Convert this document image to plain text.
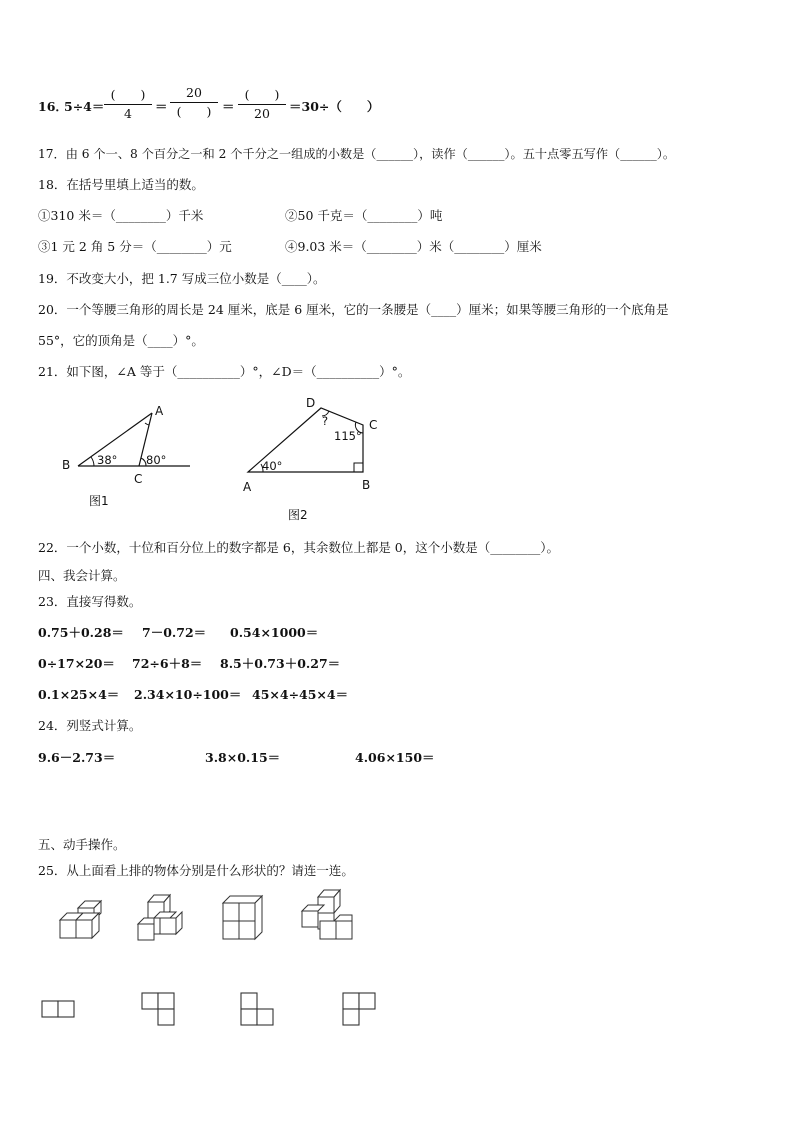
16．
5÷4＝
(　　)
4	＝
20
(　　) ＝
(　　)
20	＝30÷（　　）
17．由 6 个一、8 个百分之一和 2 个千分之一组成的小数是（______），读作（______）。五十点零五写作（______）。
18．在括号里填上适当的数。
①310 米＝（________）千米	②50 千克＝（________）吨
③1 元 2 角 5 分＝（________）元	④9.03 米＝（________）米（________）厘米
19．不改变大小，把 1.7 写成三位小数是（____）。
20．一个等腰三角形的周长是 24 厘米，底是 6 厘米，它的一条腰是（____）厘米；如果等腰三角形的一个底角是
55°，它的顶角是（____）°。
21．如下图，∠A 等于（__________）°，∠D＝（__________）°。
A
B
C
38° 80°
图1
D
C
A	B
40°
115°
?
图2
22．一个小数，十位和百分位上的数字都是 6，其余数位上都是 0，这个小数是（________）。
四、我会计算。
23．直接写得数。
0.75＋0.28＝ 7－0.72＝ 0.54×1000＝
0÷17×20＝ 72÷6＋8＝ 8.5＋0.73＋0.27＝
0.1×25×4＝ 2.34×10÷100＝ 45×4÷45×4＝
24．列竖式计算。
9.6－2.73＝	3.8×0.15＝	4.06×150＝
五、动手操作。
25．从上面看上排的物体分别是什么形状的？请连一连。
